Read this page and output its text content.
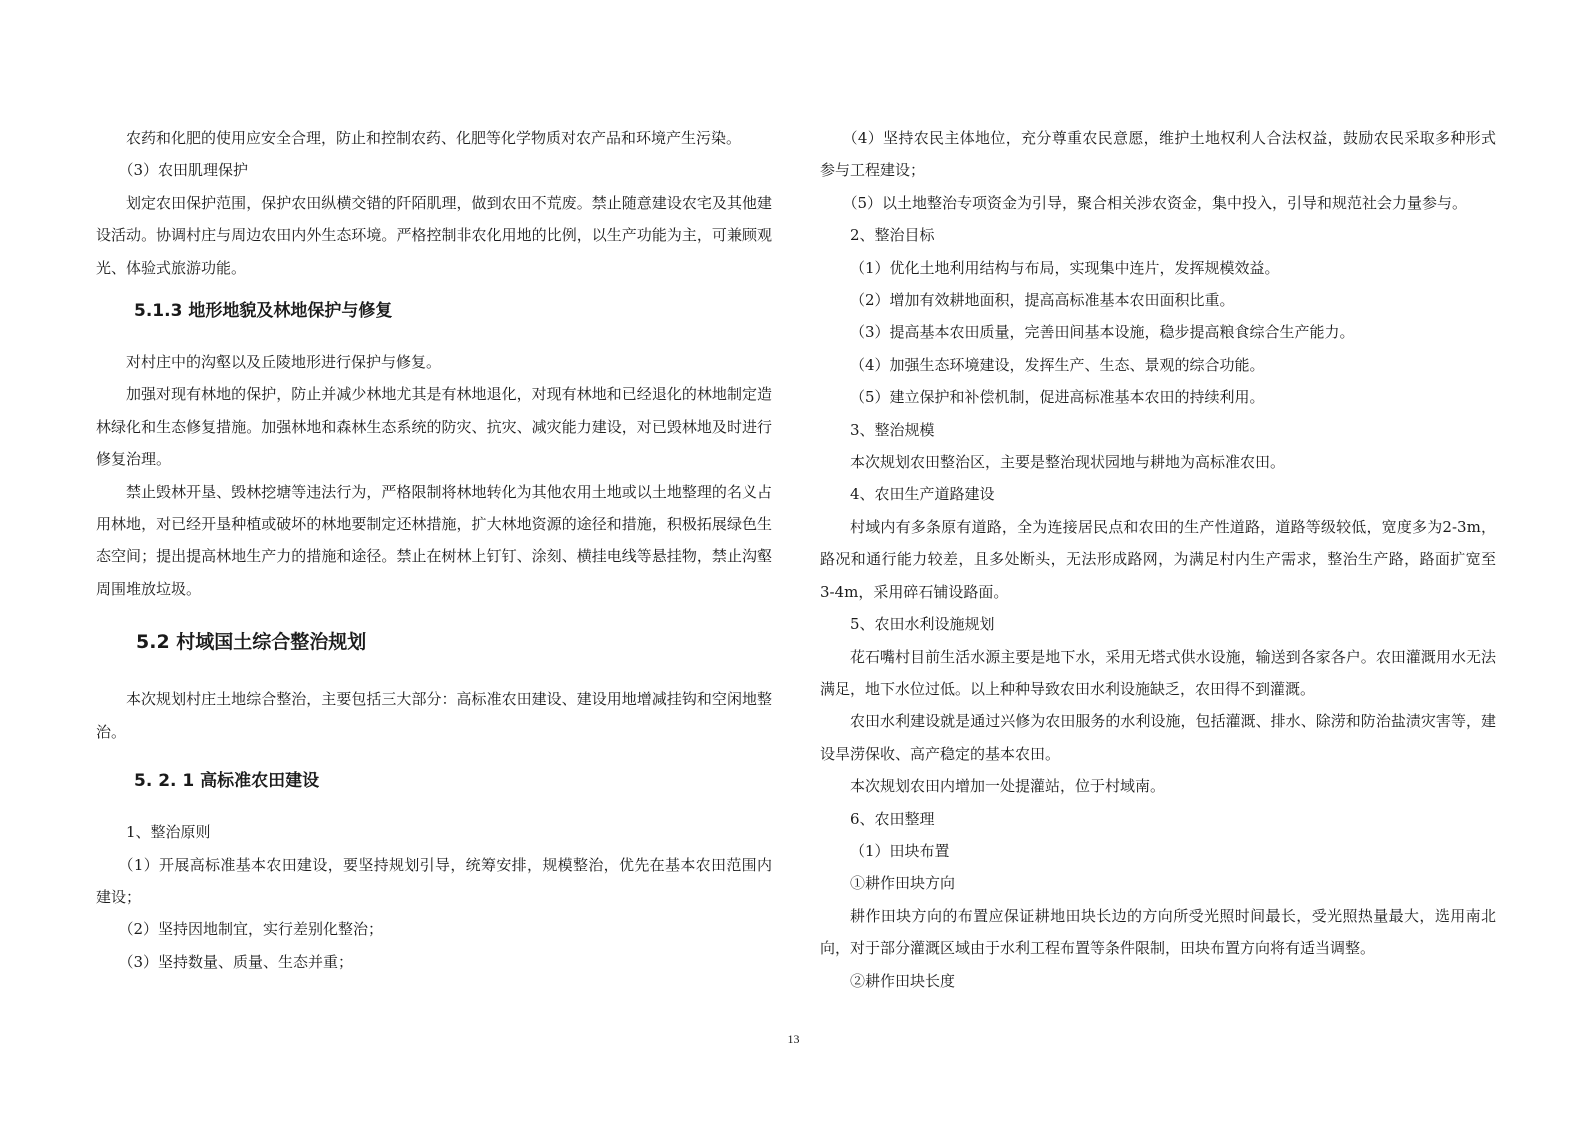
农药和化肥的使用应安全合理，防止和控制农药、化肥等化学物质对农产品和环境产生污染。

（3）农田肌理保护

划定农田保护范围，保护农田纵横交错的阡陌肌理，做到农田不荒废。禁止随意建设农宅及其他建设活动。协调村庄与周边农田内外生态环境。严格控制非农化用地的比例，以生产功能为主，可兼顾观光、体验式旅游功能。

5.1.3 地形地貌及林地保护与修复

对村庄中的沟壑以及丘陵地形进行保护与修复。

加强对现有林地的保护，防止并减少林地尤其是有林地退化，对现有林地和已经退化的林地制定造林绿化和生态修复措施。加强林地和森林生态系统的防灾、抗灾、减灾能力建设，对已毁林地及时进行修复治理。

禁止毁林开垦、毁林挖塘等违法行为，严格限制将林地转化为其他农用土地或以土地整理的名义占用林地，对已经开垦种植或破坏的林地要制定还林措施，扩大林地资源的途径和措施，积极拓展绿色生态空间；提出提高林地生产力的措施和途径。禁止在树林上钉钉、涂刻、横挂电线等悬挂物，禁止沟壑周围堆放垃圾。

5.2 村域国土综合整治规划

本次规划村庄土地综合整治，主要包括三大部分：高标准农田建设、建设用地增减挂钩和空闲地整治。

5. 2. 1 高标准农田建设

1、整治原则

（1）开展高标准基本农田建设，要坚持规划引导，统筹安排，规模整治，优先在基本农田范围内建设；

（2）坚持因地制宜，实行差别化整治；

（3）坚持数量、质量、生态并重；

（4）坚持农民主体地位，充分尊重农民意愿，维护土地权利人合法权益，鼓励农民采取多种形式参与工程建设；

（5）以土地整治专项资金为引导，聚合相关涉农资金，集中投入，引导和规范社会力量参与。

2、整治目标

（1）优化土地利用结构与布局，实现集中连片，发挥规模效益。

（2）增加有效耕地面积，提高高标准基本农田面积比重。

（3）提高基本农田质量，完善田间基本设施，稳步提高粮食综合生产能力。

（4）加强生态环境建设，发挥生产、生态、景观的综合功能。

（5）建立保护和补偿机制，促进高标准基本农田的持续利用。

3、整治规模

本次规划农田整治区，主要是整治现状园地与耕地为高标准农田。

4、农田生产道路建设

村域内有多条原有道路，全为连接居民点和农田的生产性道路，道路等级较低，宽度多为2-3m，路况和通行能力较差，且多处断头，无法形成路网，为满足村内生产需求，整治生产路，路面扩宽至 3-4m，采用碎石铺设路面。

5、农田水利设施规划

花石嘴村目前生活水源主要是地下水，采用无塔式供水设施，输送到各家各户。农田灌溉用水无法满足，地下水位过低。以上种种导致农田水利设施缺乏，农田得不到灌溉。

农田水利建设就是通过兴修为农田服务的水利设施，包括灌溉、排水、除涝和防治盐渍灾害等，建设旱涝保收、高产稳定的基本农田。

本次规划农田内增加一处提灌站，位于村域南。

6、农田整理

（1）田块布置

①耕作田块方向

耕作田块方向的布置应保证耕地田块长边的方向所受光照时间最长，受光照热量最大，选用南北向，对于部分灌溉区域由于水利工程布置等条件限制，田块布置方向将有适当调整。

②耕作田块长度

13
